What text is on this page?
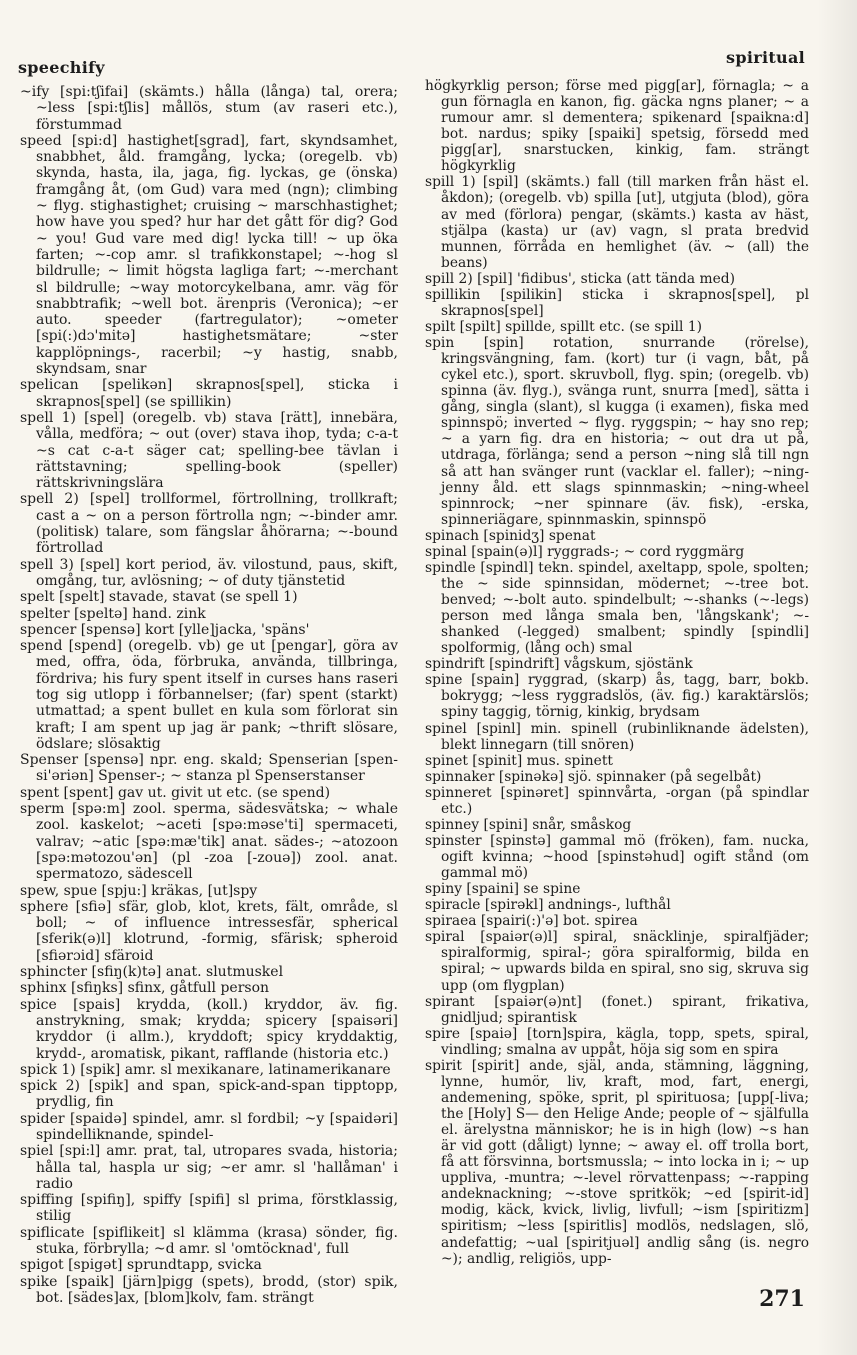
speechify
spiritual

~ify [spi:tʃifai] (skämts.) hålla (långa) tal, orera; ~less [spi:tʃlis] mållös, stum (av raseri etc.), förstummad

speed [spi:d] hastighet[sgrad], fart, skyndsamhet, snabbhet, åld. framgång, lycka; (oregelb. vb) skynda, hasta, ila, jaga, fig. lyckas, ge (önska) framgång åt, (om Gud) vara med (ngn); climbing ~ flyg. stighastighet; cruising ~ marschhastighet; how have you sped? hur har det gått för dig? God ~ you! Gud vare med dig! lycka till! ~ up öka farten; ~-cop amr. sl trafikkonstapel; ~-hog sl bildrulle; ~ limit högsta lagliga fart; ~-merchant sl bildrulle; ~way motorcykelbana, amr. väg för snabbtrafik; ~well bot. ärenpris (Veronica); ~er auto. speeder (fartregulator); ~ometer [spi(:)dɔ'mitə] hastighetsmätare; ~ster kapplöpnings-, racerbil; ~y hastig, snabb, skyndsam, snar

spelican [spelikən] skrapnos[spel], sticka i skrapnos[spel] (se spillikin)

spell 1) [spel] (oregelb. vb) stava [rätt], innebära, vålla, medföra; ~ out (over) stava ihop, tyda; c-a-t ~s cat c-a-t säger cat; spelling-bee tävlan i rättstavning; spelling-book (speller) rättskrivningslära

spell 2) [spel] trollformel, förtrollning, trollkraft; cast a ~ on a person förtrolla ngn; ~-binder amr. (politisk) talare, som fängslar åhörarna; ~-bound förtrollad

spell 3) [spel] kort period, äv. vilostund, paus, skift, omgång, tur, avlösning; ~ of duty tjänstetid

spelt [spelt] stavade, stavat (se spell 1)

spelter [speltə] hand. zink

spencer [spensə] kort [ylle]jacka, 'späns'

spend [spend] (oregelb. vb) ge ut [pengar], göra av med, offra, öda, förbruka, använda, tillbringa, fördriva; his fury spent itself in curses hans raseri tog sig utlopp i förbannelser; (far) spent (starkt) utmattad; a spent bullet en kula som förlorat sin kraft; I am spent up jag är pank; ~thrift slösare, ödslare; slösaktig

Spenser [spensə] npr. eng. skald; Spenserian [spen-si'əriən] Spenser-; ~ stanza pl Spenserstanser

spent [spent] gav ut. givit ut etc. (se spend)

sperm [spə:m] zool. sperma, sädesvätska; ~ whale zool. kaskelot; ~aceti [spə:məse'ti] spermaceti, valrav; ~atic [spə:mæ'tik] anat. sädes-; ~atozoon [spə:mətozou'ən] (pl -zoa [-zouə]) zool. anat. spermatozo, sädescell

spew, spue [spju:] kräkas, [ut]spy

sphere [sfiə] sfär, glob, klot, krets, fält, område, sl boll; ~ of influence intressesfär, spherical [sferik(ə)l] klotrund, -formig, sfärisk; spheroid [sfiərɔid] sfäroid

sphincter [sfiŋ(k)tə] anat. slutmuskel

sphinx [sfiŋks] sfinx, gåtfull person

spice [spais] krydda, (koll.) kryddor, äv. fig. anstrykning, smak; krydda; spicery [spaisəri] kryddor (i allm.), kryddoft; spicy kryddaktig, krydd-, aromatisk, pikant, rafflande (historia etc.)

spick 1) [spik] amr. sl mexikanare, latinamerikanare

spick 2) [spik] and span, spick-and-span tipptopp, prydlig, fin

spider [spaidə] spindel, amr. sl fordbil; ~y [spaidəri] spindelliknande, spindel-

spiel [spi:l] amr. prat, tal, utropares svada, historia; hålla tal, haspla ur sig; ~er amr. sl 'hallåman' i radio

spiffing [spifiŋ], spiffy [spifi] sl prima, förstklassig, stilig

spiflicate [spiflikeit] sl klämma (krasa) sönder, fig. stuka, förbrylla; ~d amr. sl 'omtöcknad', full

spigot [spigət] sprundtapp, svicka

spike [spaik] [järn]pigg (spets), brodd, (stor) spik, bot. [sädes]ax, [blom]kolv, fam. strängt

högkyrklig person; förse med pigg[ar], förnagla; ~ a gun förnagla en kanon, fig. gäcka ngns planer; ~ a rumour amr. sl dementera; spikenard [spaikna:d] bot. nardus; spiky [spaiki] spetsig, försedd med pigg[ar], snarstucken, kinkig, fam. strängt högkyrklig

spill 1) [spil] (skämts.) fall (till marken från häst el. åkdon); (oregelb. vb) spilla [ut], utgjuta (blod), göra av med (förlora) pengar, (skämts.) kasta av häst, stjälpa (kasta) ur (av) vagn, sl prata bredvid munnen, förråda en hemlighet (äv. ~ (all) the beans)

spill 2) [spil] 'fidibus', sticka (att tända med)

spillikin [spilikin] sticka i skrapnos[spel], pl skrapnos[spel]

spilt [spilt] spillde, spillt etc. (se spill 1)

spin [spin] rotation, snurrande (rörelse), kringsvängning, fam. (kort) tur (i vagn, båt, på cykel etc.), sport. skruvboll, flyg. spin; (oregelb. vb) spinna (äv. flyg.), svänga runt, snurra [med], sätta i gång, singla (slant), sl kugga (i examen), fiska med spinnspö; inverted ~ flyg. ryggspin; ~ hay sno rep; ~ a yarn fig. dra en historia; ~ out dra ut på, utdraga, förlänga; send a person ~ning slå till ngn så att han svänger runt (vacklar el. faller); ~ning-jenny åld. ett slags spinnmaskin; ~ning-wheel spinnrock; ~ner spinnare (äv. fisk), -erska, spinneriägare, spinnmaskin, spinnspö

spinach [spinidʒ] spenat

spinal [spain(ə)l] ryggrads-; ~ cord ryggmärg

spindle [spindl] tekn. spindel, axeltapp, spole, spolten; the ~ side spinnsidan, mödernet; ~-tree bot. benved; ~-bolt auto. spindelbult; ~-shanks (~-legs) person med långa smala ben, 'långskank'; ~-shanked (-legged) smalbent; spindly [spindli] spolformig, (lång och) smal

spindrift [spindrift] vågskum, sjöstänk

spine [spain] ryggrad, (skarp) ås, tagg, barr, bokb. bokrygg; ~less ryggradslös, (äv. fig.) karaktärslös; spiny taggig, törnig, kinkig, brydsam

spinel [spinl] min. spinell (rubinliknande ädelsten), blekt linnegarn (till snören)

spinet [spinit] mus. spinett

spinnaker [spinəkə] sjö. spinnaker (på segelbåt)

spinneret [spinəret] spinnvårta, -organ (på spindlar etc.)

spinney [spini] snår, småskog

spinster [spinstə] gammal mö (fröken), fam. nucka, ogift kvinna; ~hood [spinstəhud] ogift stånd (om gammal mö)

spiny [spaini] se spine

spiracle [spirəkl] andnings-, lufthål

spiraea [spairi(:)'ə] bot. spirea

spiral [spaiər(ə)l] spiral, snäcklinje, spiralfjäder; spiralformig, spiral-; göra spiralformig, bilda en spiral; ~ upwards bilda en spiral, sno sig, skruva sig upp (om flygplan)

spirant [spaiər(ə)nt] (fonet.) spirant, frikativa, gnidljud; spirantisk

spire [spaiə] [torn]spira, kägla, topp, spets, spiral, vindling; smalna av uppåt, höja sig som en spira

spirit [spirit] ande, själ, anda, stämning, läggning, lynne, humör, liv, kraft, mod, fart, energi, andemening, spöke, sprit, pl spirituosa; [upp[-liva; the [Holy] S— den Helige Ande; people of ~ själfulla el. ärelystna människor; he is in high (low) ~s han är vid gott (dåligt) lynne; ~ away el. off trolla bort, få att försvinna, bortsmussla; ~ into locka in i; ~ up uppliva, -muntra; ~-level rörvattenpass; ~-rapping andeknackning; ~-stove spritkök; ~ed [spirit-id] modig, käck, kvick, livlig, livfull; ~ism [spiritizm] spiritism; ~less [spiritlis] modlös, nedslagen, slö, andefattig; ~ual [spiritjuəl] andlig sång (is. negro ~); andlig, religiös, upp-

271
